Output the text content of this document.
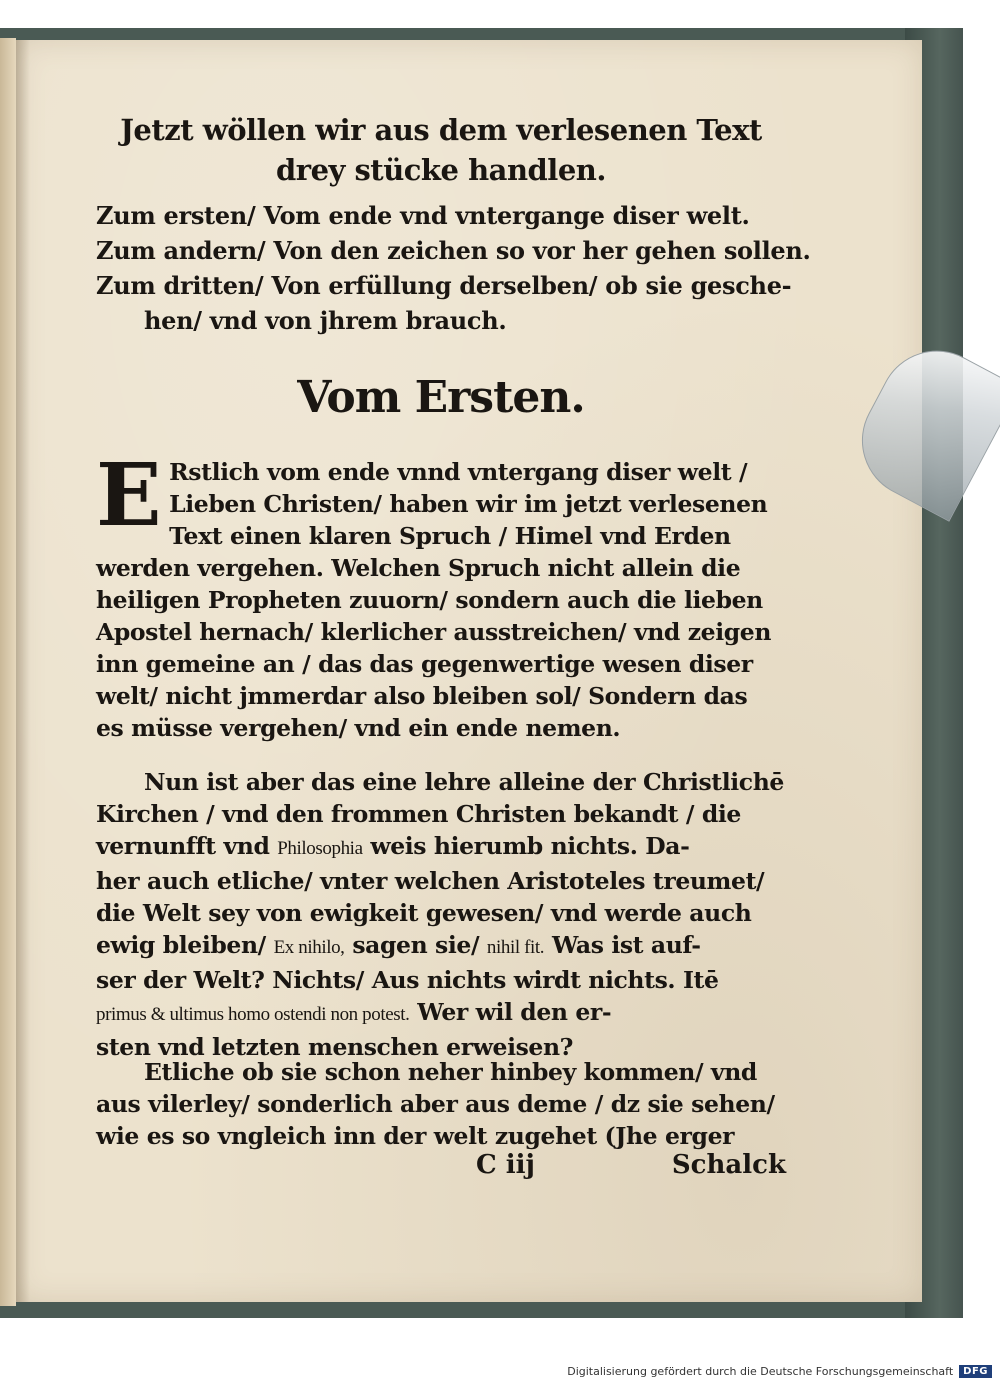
Jetzt wöllen wir aus dem verlesenen Text
drey stücke handlen.
Zum ersten/ Vom ende vnd vntergange diser welt.
Zum andern/ Von den zeichen so vor her gehen sollen.
Zum dritten/ Von erfüllung derselben/ ob sie gesche-
hen/ vnd von jhrem brauch.
Vom Ersten.
E Rstlich vom ende vnnd vntergang diser welt /
Lieben Christen/ haben wir im jetzt verlesenen
Text einen klaren Spruch / Himel vnd Erden
werden vergehen. Welchen Spruch nicht allein die
heiligen Propheten zuuorn/ sondern auch die lieben
Apostel hernach/ klerlicher ausstreichen/ vnd zeigen
inn gemeine an / das das gegenwertige wesen diser
welt/ nicht jmmerdar also bleiben sol/ Sondern das
es müsse vergehen/ vnd ein ende nemen.
Nun ist aber das eine lehre alleine der Christlichē
Kirchen / vnd den frommen Christen bekandt / die
vernunfft vnd Philosophia weis hierumb nichts. Da-
her auch etliche/ vnter welchen Aristoteles treumet/
die Welt sey von ewigkeit gewesen/ vnd werde auch
ewig bleiben/ Ex nihilo, sagen sie/ nihil fit. Was ist auf-
ser der Welt? Nichts/ Aus nichts wirdt nichts. Itē
primus & ultimus homo ostendi non potest. Wer wil den er-
sten vnd letzten menschen erweisen?
Etliche ob sie schon neher hinbey kommen/ vnd
aus vilerley/ sonderlich aber aus deme / dz sie sehen/
wie es so vngleich inn der welt zugehet (Jhe erger
C iij	Schalck
Digitalisierung gefördert durch die Deutsche Forschungsgemeinschaft	DFG
